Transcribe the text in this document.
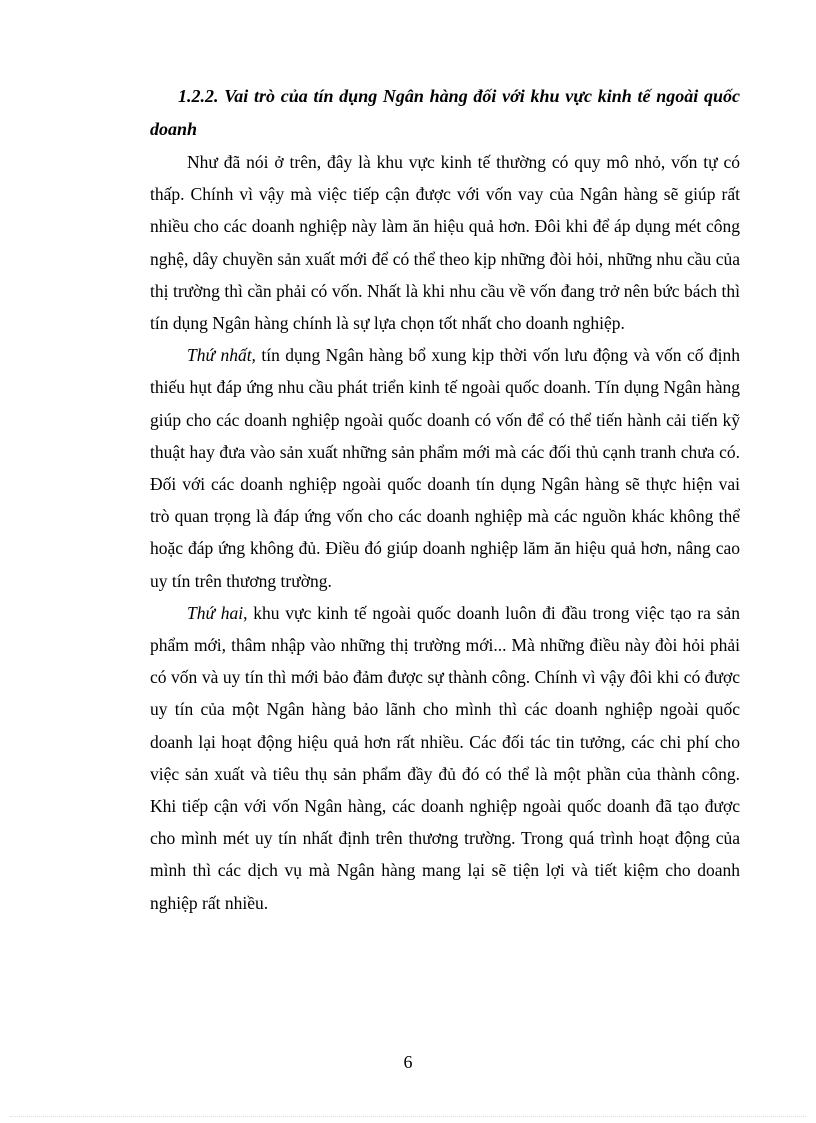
1.2.2. Vai trò của tín dụng Ngân hàng đối với khu vực kinh tế ngoài quốc doanh

Như đã nói ở trên, đây là khu vực kinh tế thường có quy mô nhỏ, vốn tự có thấp. Chính vì vậy mà việc tiếp cận được với vốn vay của Ngân hàng sẽ giúp rất nhiều cho các doanh nghiệp này làm ăn hiệu quả hơn. Đôi khi để áp dụng mét công nghệ, dây chuyền sản xuất mới để có thể theo kịp những đòi hỏi, những nhu cầu của thị trường thì cần phải có vốn. Nhất là khi nhu cầu về vốn đang trở nên bức bách thì tín dụng Ngân hàng chính là sự lựa chọn tốt nhất cho doanh nghiệp.

Thứ nhất, tín dụng Ngân hàng bổ xung kịp thời vốn lưu động và vốn cố định thiếu hụt đáp ứng nhu cầu phát triển kinh tế ngoài quốc doanh. Tín dụng Ngân hàng giúp cho các doanh nghiệp ngoài quốc doanh có vốn để có thể tiến hành cải tiến kỹ thuật hay đưa vào sản xuất những sản phẩm mới mà các đối thủ cạnh tranh chưa có. Đối với các doanh nghiệp ngoài quốc doanh tín dụng Ngân hàng sẽ thực hiện vai trò quan trọng là đáp ứng vốn cho các doanh nghiệp mà các nguồn khác không thể hoặc đáp ứng không đủ. Điều đó giúp doanh nghiệp lăm ăn hiệu quả hơn, nâng cao uy tín trên thương trường.

Thứ hai, khu vực kinh tế ngoài quốc doanh luôn đi đầu trong việc tạo ra sản phẩm mới, thâm nhập vào những thị trường mới... Mà những điều này đòi hỏi phải có vốn và uy tín thì mới bảo đảm được sự thành công. Chính vì vậy đôi khi có được uy tín của một Ngân hàng bảo lãnh cho mình thì các doanh nghiệp ngoài quốc doanh lại hoạt động hiệu quả hơn rất nhiều. Các đối tác tin tưởng, các chi phí cho việc sản xuất và tiêu thụ sản phẩm đầy đủ đó có thể là một phần của thành công. Khi tiếp cận với vốn Ngân hàng, các doanh nghiệp ngoài quốc doanh đã tạo được cho mình mét uy tín nhất định trên thương trường. Trong quá trình hoạt động của mình thì các dịch vụ mà Ngân hàng mang lại sẽ tiện lợi và tiết kiệm cho doanh nghiệp rất nhiều.

6
